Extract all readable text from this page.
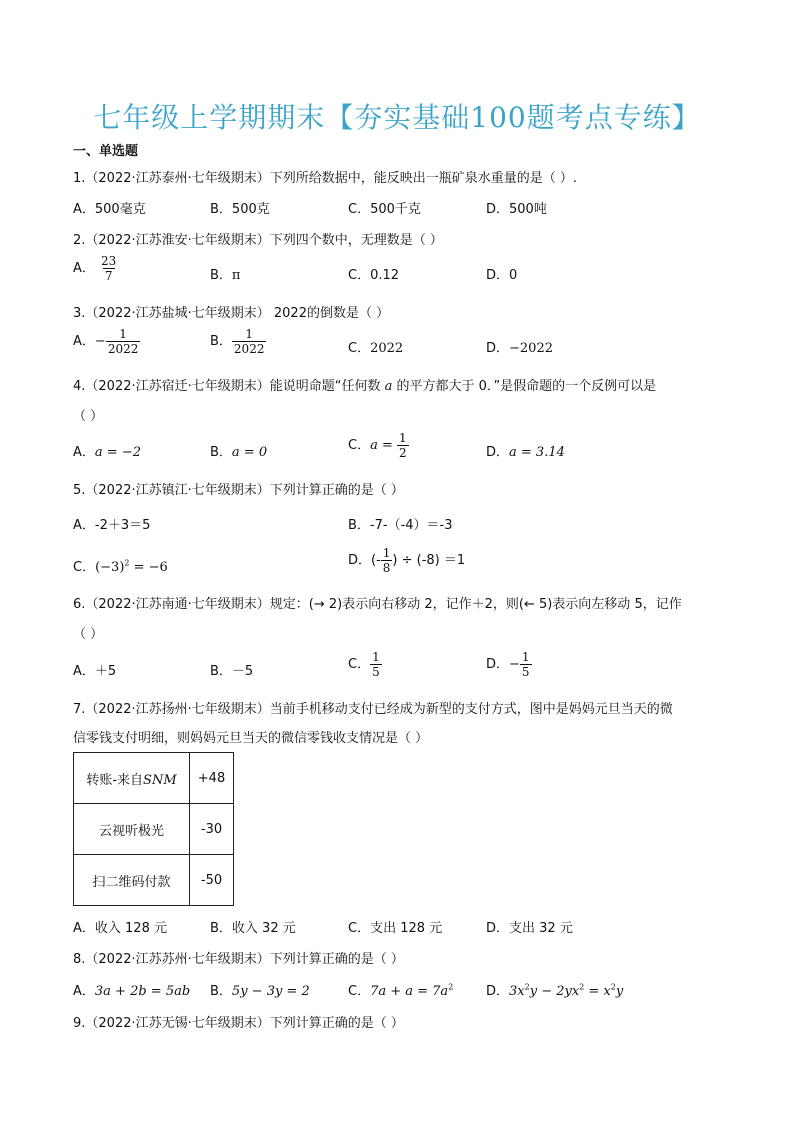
七年级上学期期末【夯实基础100题考点专练】
一、单选题
1.（2022·江苏泰州·七年级期末）下列所给数据中，能反映出一瓶矿泉水重量的是（ ）.
A．500毫克	B．500克	C．500千克	D．500吨
2.（2022·江苏淮安·七年级期末）下列四个数中，无理数是（ ）
A． $\frac{23}{7}$	B．π	C．0.12	D．0
3.（2022·江苏盐城·七年级期末） 2022的倒数是（ ）
A．− $\frac{1}{2022}$	B． $\frac{1}{2022}$	C．2022	D．−2022
4.（2022·江苏宿迁·七年级期末）能说明命题“任何数 a 的平方都大于 0．”是假命题的一个反例可以是
（ ）
A．a = −2	B．a = 0	C．$a = \frac{1}{2}$	D．a = 3.14
5.（2022·江苏镇江·七年级期末）下列计算正确的是（ ）
A．-2＋3＝5	B．-7-（-4）＝-3
C．$(-3)^2 = -6$	D．(- $\frac{1}{8}$ ) ÷ (-8) ＝1
6.（2022·江苏南通·七年级期末）规定：(→ 2)表示向右移动 2，记作＋2，则(← 5)表示向左移动 5，记作
（ ）
A．＋5	B．－5	C． $\frac{1}{5}$	D．− $\frac{1}{5}$
7.（2022·江苏扬州·七年级期末）当前手机移动支付已经成为新型的支付方式，图中是妈妈元旦当天的微
信零钱支付明细，则妈妈元旦当天的微信零钱收支情况是（ ）
转账-来自SNM	+48
云视听极光	-30
扫二维码付款	-50
A．收入 128 元	B．收入 32 元	C．支出 128 元	D．支出 32 元
8.（2022·江苏苏州·七年级期末）下列计算正确的是（ ）
A．3a + 2b = 5ab B．5y − 3y = 2	C．$7a + a = 7a^2$	D．$3x^2y - 2yx^2 = x^2y$
9.（2022·江苏无锡·七年级期末）下列计算正确的是（ ）
